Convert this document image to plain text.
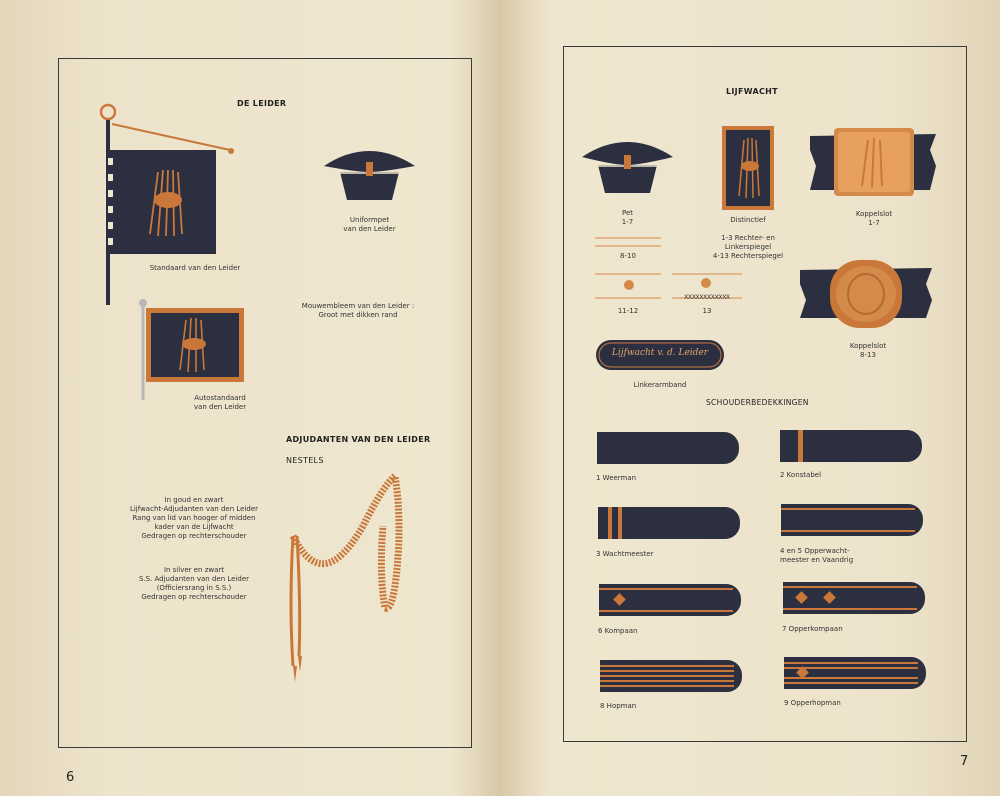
DE LEIDER
Standaard van den Leider
Uniformpet
van den Leider
Mouwembleem van den Leider :
Groot met dikken rand
Autostandaard
van den Leider
ADJUDANTEN VAN DEN LEIDER
NESTELS
In goud en zwart
Lijfwacht-Adjudanten van den Leider
Rang van lid van hooger of midden
kader van de Lijfwacht
Gedragen op rechterschouder
In silver en zwart
S.S. Adjudanten van den Leider
(Officiersrang in S.S.)
Gedragen op rechterschouder
6
LIJFWACHT
Pet
1-7	Distinctief
1-3 Rechter- en
Linkerspiegel
4-13 Rechterspiegel
Koppelslot
1-7
8-10
11-12
XXXXXXXXXXXX
13
Koppelslot
8-13
Lijfwacht v. d. Leider
Linkerarmband
SCHOUDERBEDEKKINGEN
1 Weerman	2 Konstabel
3 Wachtmeester	4 en 5 Opperwacht-
meester en Vaandrig
6 Kompaan	7 Opperkompaan
8 Hopman	9 Opperhopman
7
